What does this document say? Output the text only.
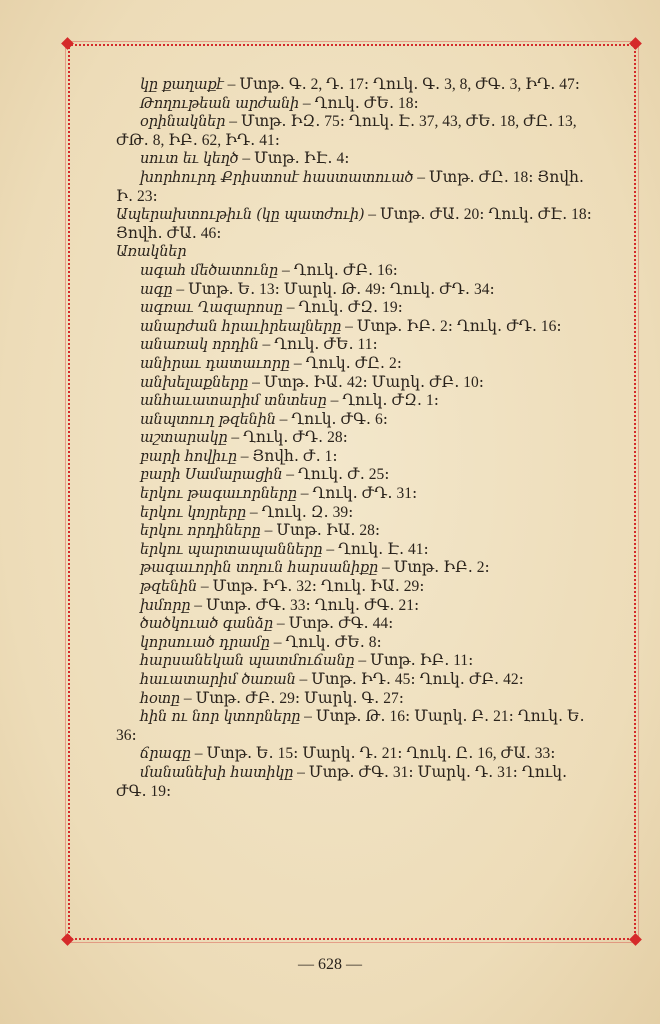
կը քաղաքէ – Մտթ․ Գ․ 2, Դ․ 17։ Ղուկ․ Գ․ 3, 8, ԺԳ․ 3, ԻԴ․ 47։

Թողութեան արժանի – Ղուկ․ ԺԵ․ 18։

օրինակներ – Մտթ․ ԻԶ․ 75։ Ղուկ․ Է․ 37, 43, ԺԵ․ 18, ԺԸ․ 13, ԺԹ․ 8, ԻԲ․ 62, ԻԴ․ 41։

սուտ եւ կեղծ – Մտթ․ ԻԷ․ 4։

խորհուրդ Քրիստոսէ հաստատուած – Մտթ․ ԺԸ․ 18։ Յովհ․ Ի․ 23։

Ապերախտութիւն (կը պատժուի) – Մտթ․ ԺԱ․ 20։ Ղուկ․ ԺԷ․ 18։ Յովհ․ ԺԱ․ 46։

Առակներ

ագահ մեծատունը – Ղուկ․ ԺԲ․ 16։

ագը – Մտթ․ Ե․ 13։ Մարկ․ Թ․ 49։ Ղուկ․ ԺԴ․ 34։

ագռաւ Ղազարոսը – Ղուկ․ ԺԶ․ 19։

անարժան հրաւիրեալները – Մտթ․ ԻԲ․ 2։ Ղուկ․ ԺԴ․ 16։

անառակ որդին – Ղուկ․ ԺԵ․ 11։

անիրաւ դատաւորը – Ղուկ․ ԺԸ․ 2։

անխելաքները – Մտթ․ ԻԱ․ 42։ Մարկ․ ԺԲ․ 10։

անհաւատարիմ տնտեսը – Ղուկ․ ԺԶ․ 1։

անպտուղ թզենին – Ղուկ․ ԺԳ․ 6։

աշտարակը – Ղուկ․ ԺԴ․ 28։

բարի հովիւը – Յովհ․ Ժ․ 1։

բարի Սամարացին – Ղուկ․ Ժ․ 25։

երկու թագաւորները – Ղուկ․ ԺԴ․ 31։

երկու կոյրերը – Ղուկ․ Զ․ 39։

երկու որդիները – Մտթ․ ԻԱ․ 28։

երկու պարտապանները – Ղուկ․ Է․ 41։

թագաւորին տղուն հարսանիքը – Մտթ․ ԻԲ․ 2։

թզենին – Մտթ․ ԻԴ․ 32։ Ղուկ․ ԻԱ․ 29։

խմորը – Մտթ․ ԺԳ․ 33։ Ղուկ․ ԺԳ․ 21։

ծածկուած գանձը – Մտթ․ ԺԳ․ 44։

կորսուած դրամը – Ղուկ․ ԺԵ․ 8։

հարսանեկան պատմուճանը – Մտթ․ ԻԲ․ 11։

հաւատարիմ ծառան – Մտթ․ ԻԴ․ 45։ Ղուկ․ ԺԲ․ 42։

հօտը – Մտթ․ ԺԲ․ 29։ Մարկ․ Գ․ 27։

հին ու նոր կտորները – Մտթ․ Թ․ 16։ Մարկ․ Բ․ 21։ Ղուկ․ Ե․ 36։

ճրագը – Մտթ․ Ե․ 15։ Մարկ․ Դ․ 21։ Ղուկ․ Ը․ 16, ԺԱ․ 33։

մանանեխի հատիկը – Մտթ․ ԺԳ․ 31։ Մարկ․ Դ․ 31։ Ղուկ․ ԺԳ․ 19։

— 628 —
